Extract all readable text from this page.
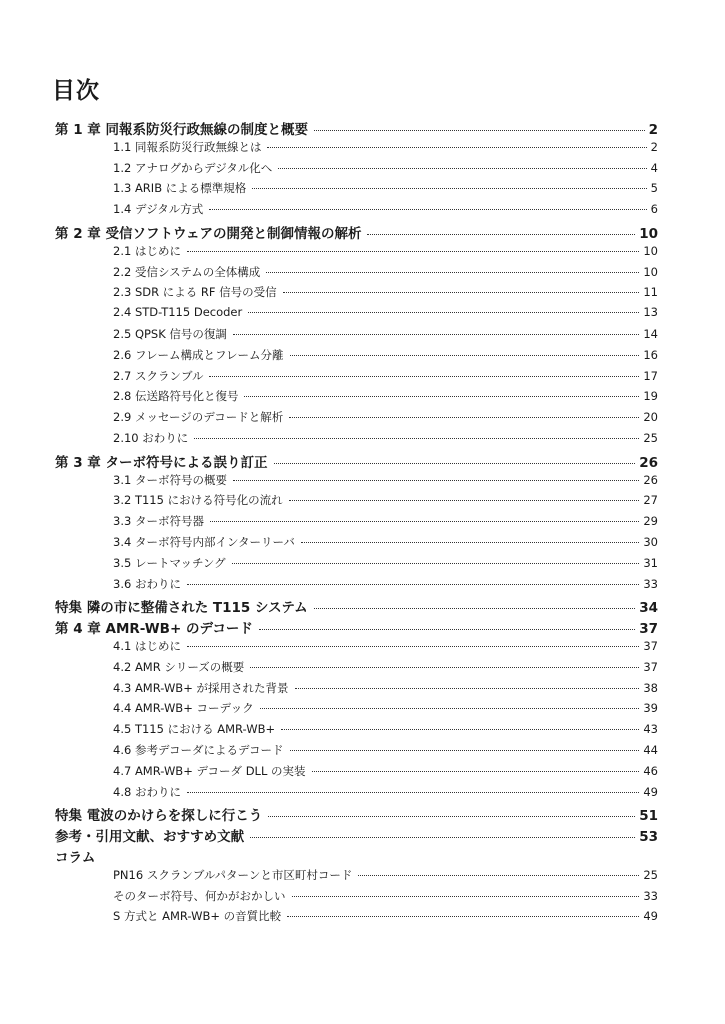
目次
第 1 章 同報系防災行政無線の制度と概要	2
1.1 同報系防災行政無線とは	2
1.2 アナログからデジタル化へ	4
1.3 ARIB による標準規格	5
1.4 デジタル方式	6
第 2 章 受信ソフトウェアの開発と制御情報の解析	10
2.1 はじめに	10
2.2 受信システムの全体構成	10
2.3 SDR による RF 信号の受信	11
2.4 STD-T115 Decoder	13
2.5 QPSK 信号の復調	14
2.6 フレーム構成とフレーム分離	16
2.7 スクランブル	17
2.8 伝送路符号化と復号	19
2.9 メッセージのデコードと解析	20
2.10 おわりに	25
第 3 章 ターボ符号による誤り訂正	26
3.1 ターボ符号の概要	26
3.2 T115 における符号化の流れ	27
3.3 ターボ符号器	29
3.4 ターボ符号内部インターリーバ	30
3.5 レートマッチング	31
3.6 おわりに	33
特集 隣の市に整備された T115 システム	34
第 4 章 AMR-WB+ のデコード	37
4.1 はじめに	37
4.2 AMR シリーズの概要	37
4.3 AMR-WB+ が採用された背景	38
4.4 AMR-WB+ コーデック	39
4.5 T115 における AMR-WB+	43
4.6 参考デコーダによるデコード	44
4.7 AMR-WB+ デコーダ DLL の実装	46
4.8 おわりに	49
特集 電波のかけらを探しに行こう	51
参考・引用文献、おすすめ文献	53
コラム
PN16 スクランブルパターンと市区町村コード	25
そのターボ符号、何かがおかしい	33
S 方式と AMR-WB+ の音質比較	49
